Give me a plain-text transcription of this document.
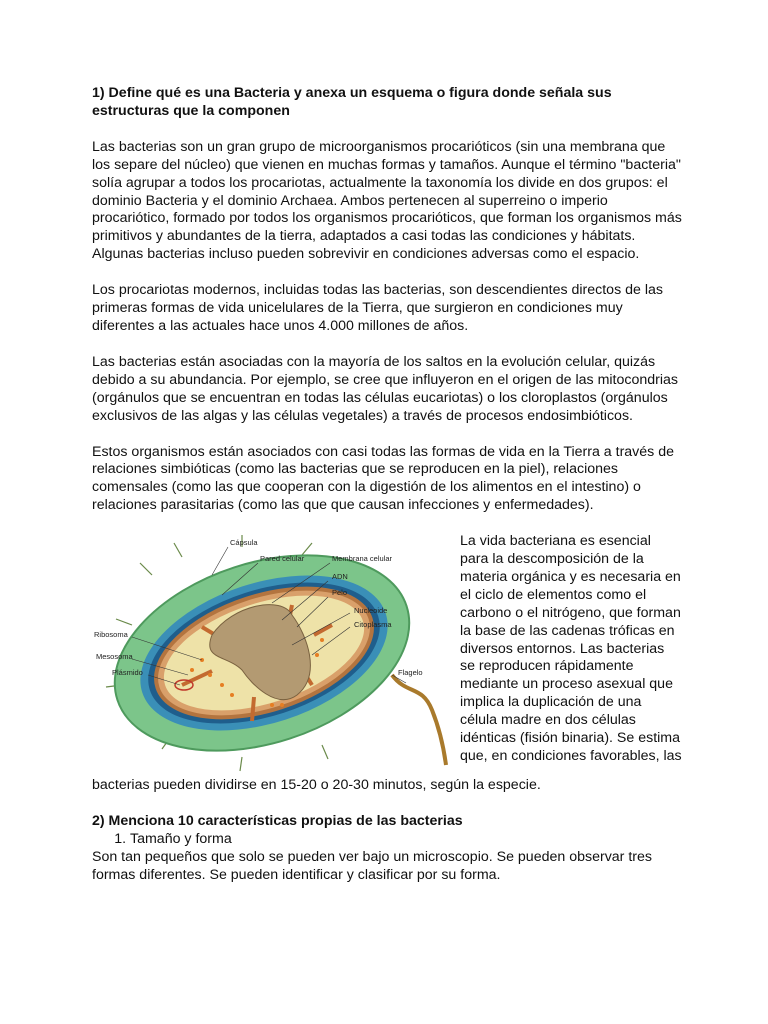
1) Define qué es una Bacteria y anexa un esquema o figura donde señala sus estructuras que la componen

Las bacterias son un gran grupo de microorganismos procarióticos (sin una membrana que los separe del núcleo) que vienen en muchas formas y tamaños. Aunque el término "bacteria" solía agrupar a todos los procariotas, actualmente la taxonomía los divide en dos grupos: el dominio Bacteria y el dominio Archaea. Ambos pertenecen al superreino o imperio procariótico, formado por todos los organismos procarióticos, que forman los organismos más primitivos y abundantes de la tierra, adaptados a casi todas las condiciones y hábitats. Algunas bacterias incluso pueden sobrevivir en condiciones adversas como el espacio.

Los procariotas modernos, incluidas todas las bacterias, son descendientes directos de las primeras formas de vida unicelulares de la Tierra, que surgieron en condiciones muy diferentes a las actuales hace unos 4.000 millones de años.

Las bacterias están asociadas con la mayoría de los saltos en la evolución celular, quizás debido a su abundancia. Por ejemplo, se cree que influyeron en el origen de las mitocondrias (orgánulos que se encuentran en todas las células eucariotas) o los cloroplastos (orgánulos exclusivos de las algas y las células vegetales) a través de procesos endosimbióticos.

Estos organismos están asociados con casi todas las formas de vida en la Tierra a través de relaciones simbióticas (como las bacterias que se reproducen en la piel), relaciones comensales (como las que cooperan con la digestión de los alimentos en el intestino) o relaciones parasitarias (como las que que causan infecciones y enfermedades).

Cápsula
Pared celular	Membrana celular
ADN
Pelo
Nucleoide
Citoplasma
Ribosoma
Mesosoma
Plásmido	Flagelo

La vida bacteriana es esencial para la descomposición de la materia orgánica y es necesaria en el ciclo de elementos como el carbono o el nitrógeno, que forman la base de las cadenas tróficas en diversos entornos. Las bacterias se reproducen rápidamente mediante un proceso asexual que implica la duplicación de una célula madre en dos células idénticas (fisión binaria). Se estima que, en condiciones favorables, las

bacterias pueden dividirse en 15-20 o 20-30 minutos, según la especie.

2) Menciona 10 características propias de las bacterias

1. Tamaño y forma

Son tan pequeños que solo se pueden ver bajo un microscopio. Se pueden observar tres formas diferentes. Se pueden identificar y clasificar por su forma.
